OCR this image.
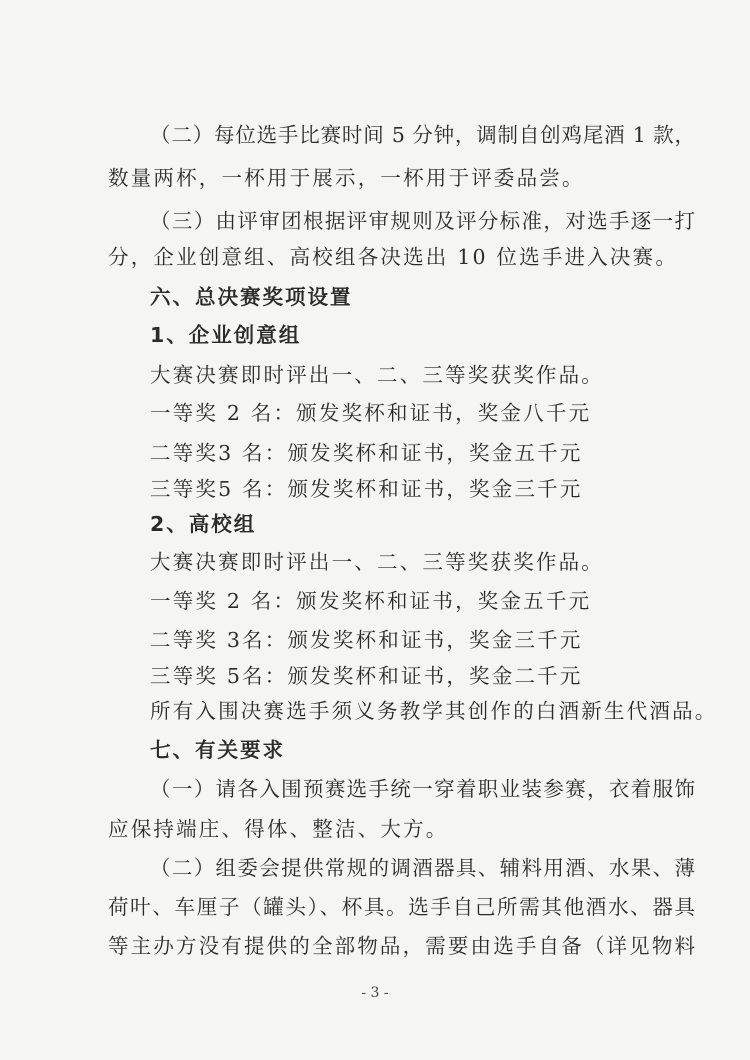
（二）每位选手比赛时间 5 分钟，调制自创鸡尾酒 1 款，
数量两杯，一杯用于展示，一杯用于评委品尝。
（三）由评审团根据评审规则及评分标准，对选手逐一打
分，企业创意组、高校组各决选出 10 位选手进入决赛。
六、总决赛奖项设置
1、企业创意组
大赛决赛即时评出一、二、三等奖获奖作品。
一等奖 2 名：颁发奖杯和证书，奖金八千元
二等奖3 名：颁发奖杯和证书，奖金五千元
三等奖5 名：颁发奖杯和证书，奖金三千元
2、高校组
大赛决赛即时评出一、二、三等奖获奖作品。
一等奖 2 名：颁发奖杯和证书，奖金五千元
二等奖 3名：颁发奖杯和证书，奖金三千元
三等奖 5名：颁发奖杯和证书，奖金二千元
所有入围决赛选手须义务教学其创作的白酒新生代酒品。
七、有关要求
（一）请各入围预赛选手统一穿着职业装参赛，衣着服饰
应保持端庄、得体、整洁、大方。
（二）组委会提供常规的调酒器具、辅料用酒、水果、薄
荷叶、车厘子（罐头）、杯具。选手自己所需其他酒水、器具
等主办方没有提供的全部物品，需要由选手自备（详见物料
- 3 -
